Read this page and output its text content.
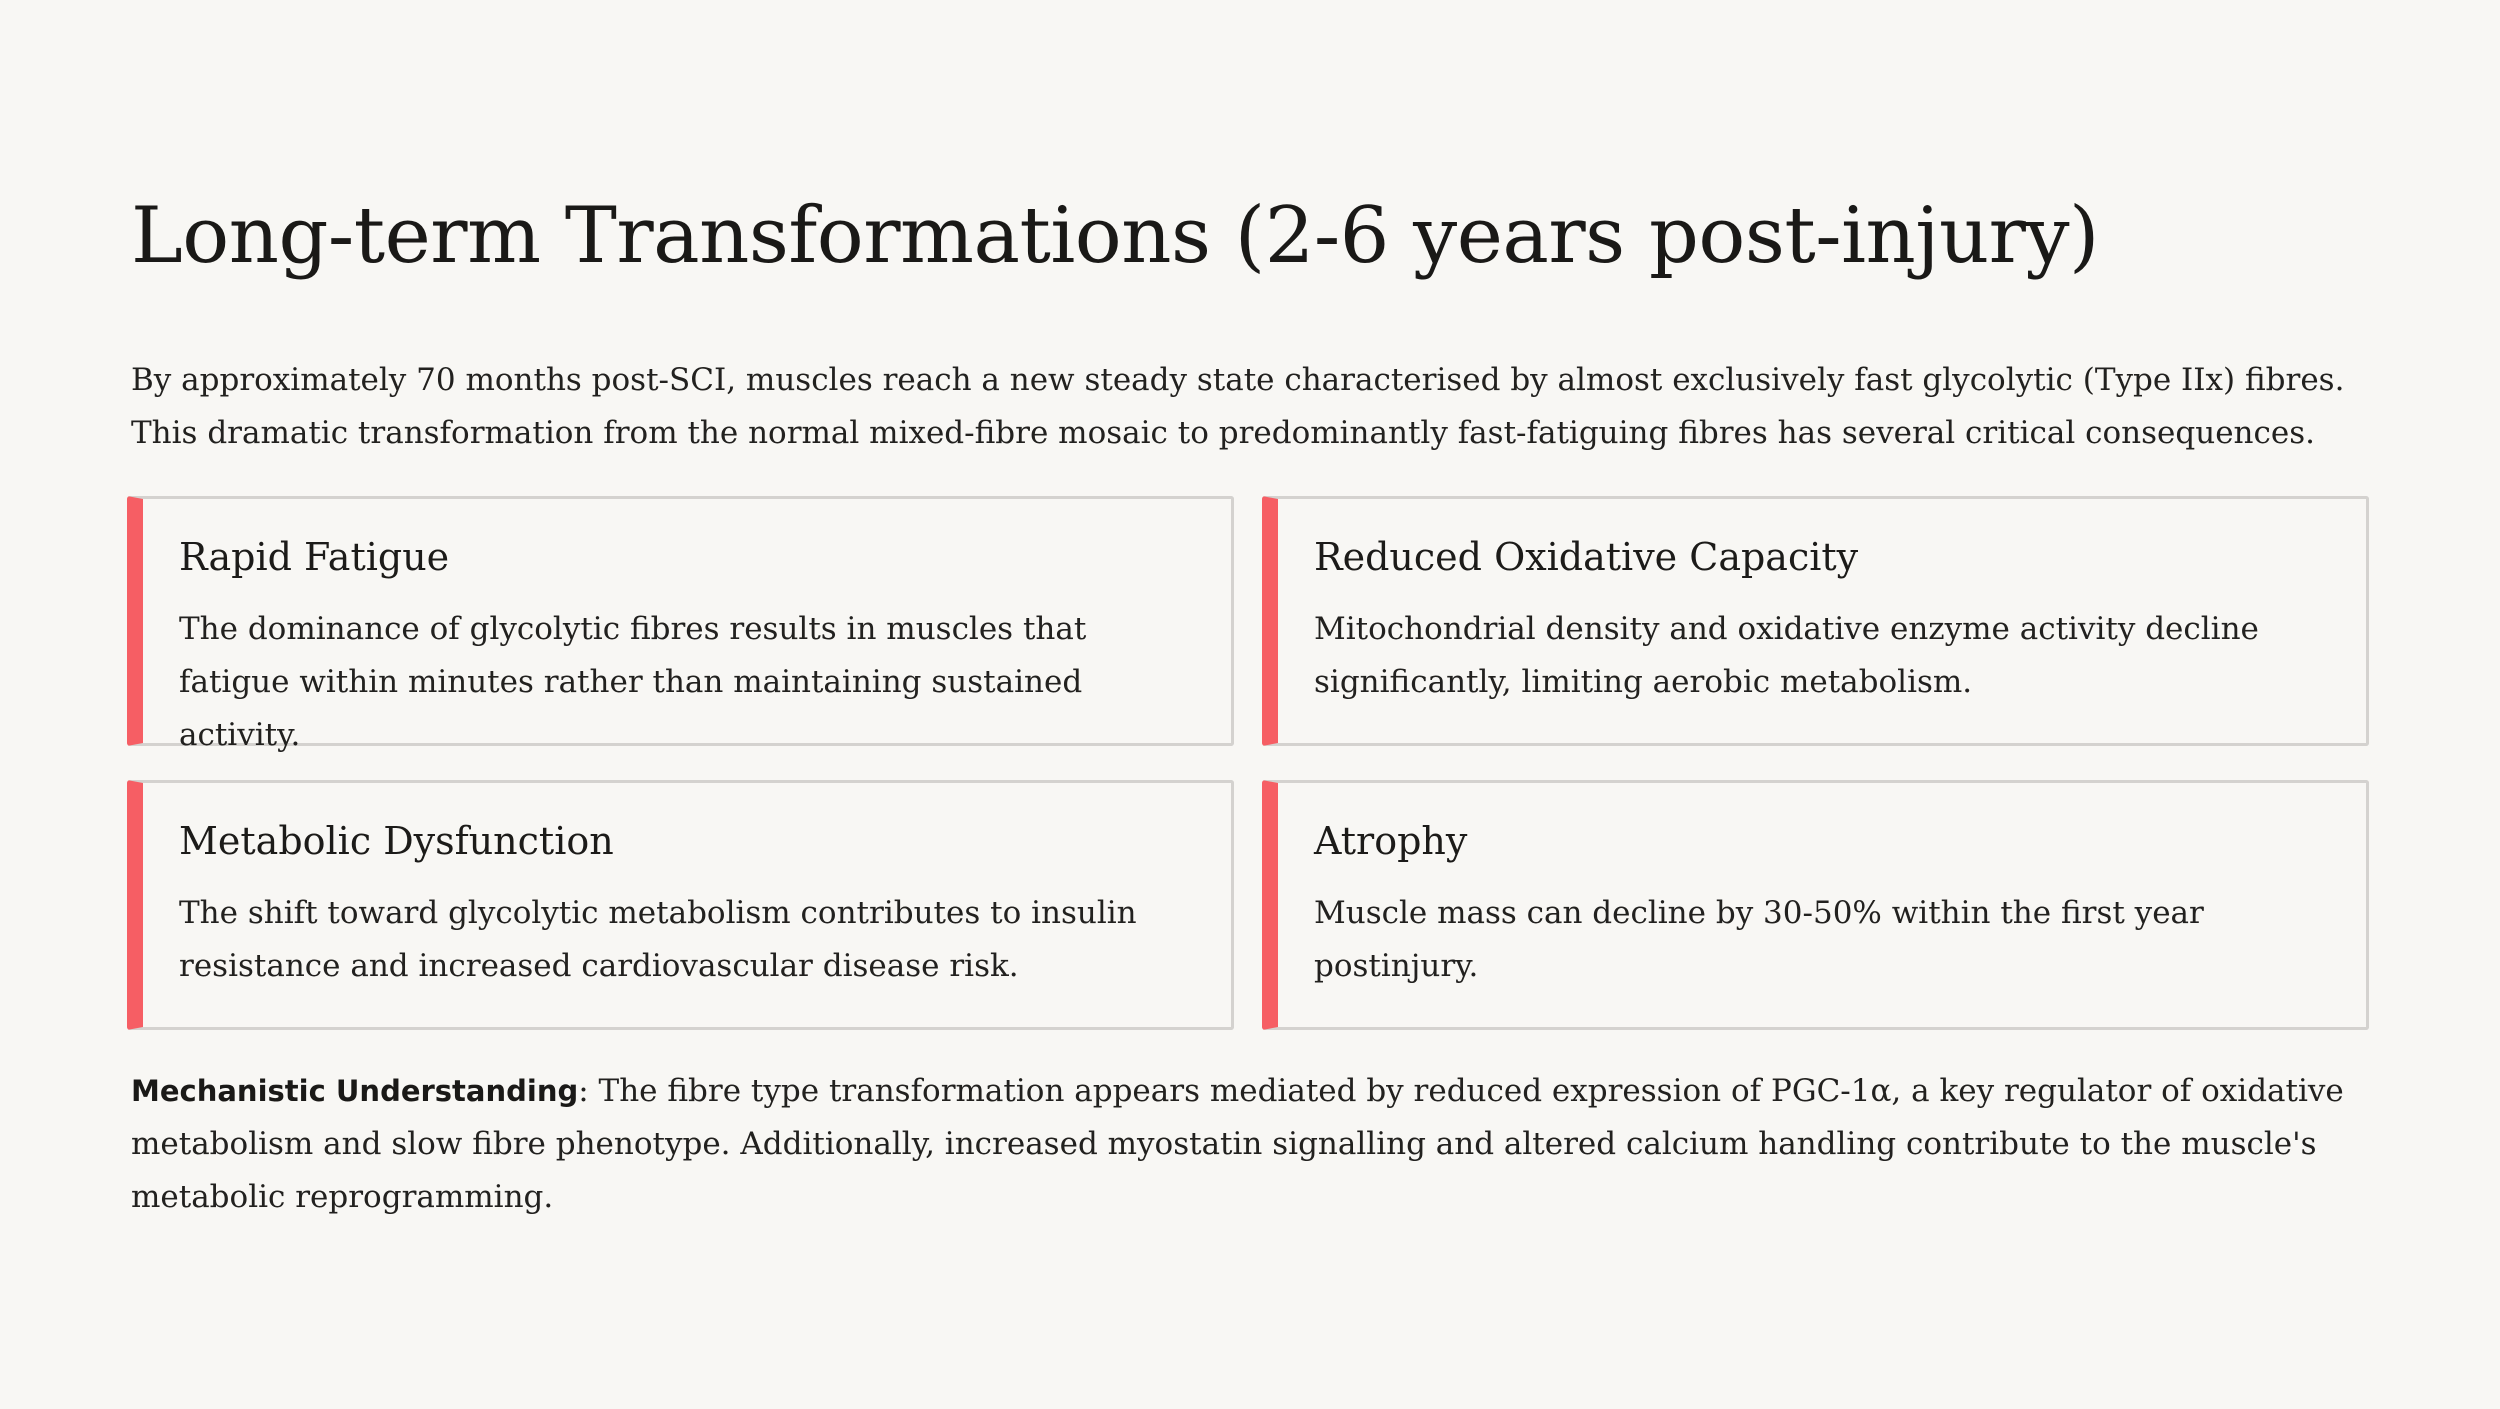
Long-term Transformations (2-6 years post-injury)

By approximately 70 months post-SCI, muscles reach a new steady state characterised by almost exclusively fast glycolytic (Type IIx) fibres. This dramatic transformation from the normal mixed-fibre mosaic to predominantly fast-fatiguing fibres has several critical consequences.

Rapid Fatigue

The dominance of glycolytic fibres results in muscles that fatigue within minutes rather than maintaining sustained activity.

Reduced Oxidative Capacity

Mitochondrial density and oxidative enzyme activity decline significantly, limiting aerobic metabolism.

Metabolic Dysfunction

The shift toward glycolytic metabolism contributes to insulin resistance and increased cardiovascular disease risk.

Atrophy

Muscle mass can decline by 30-50% within the first year postinjury.

Mechanistic Understanding: The fibre type transformation appears mediated by reduced expression of PGC-1α, a key regulator of oxidative metabolism and slow fibre phenotype. Additionally, increased myostatin signalling and altered calcium handling contribute to the muscle's metabolic reprogramming.
